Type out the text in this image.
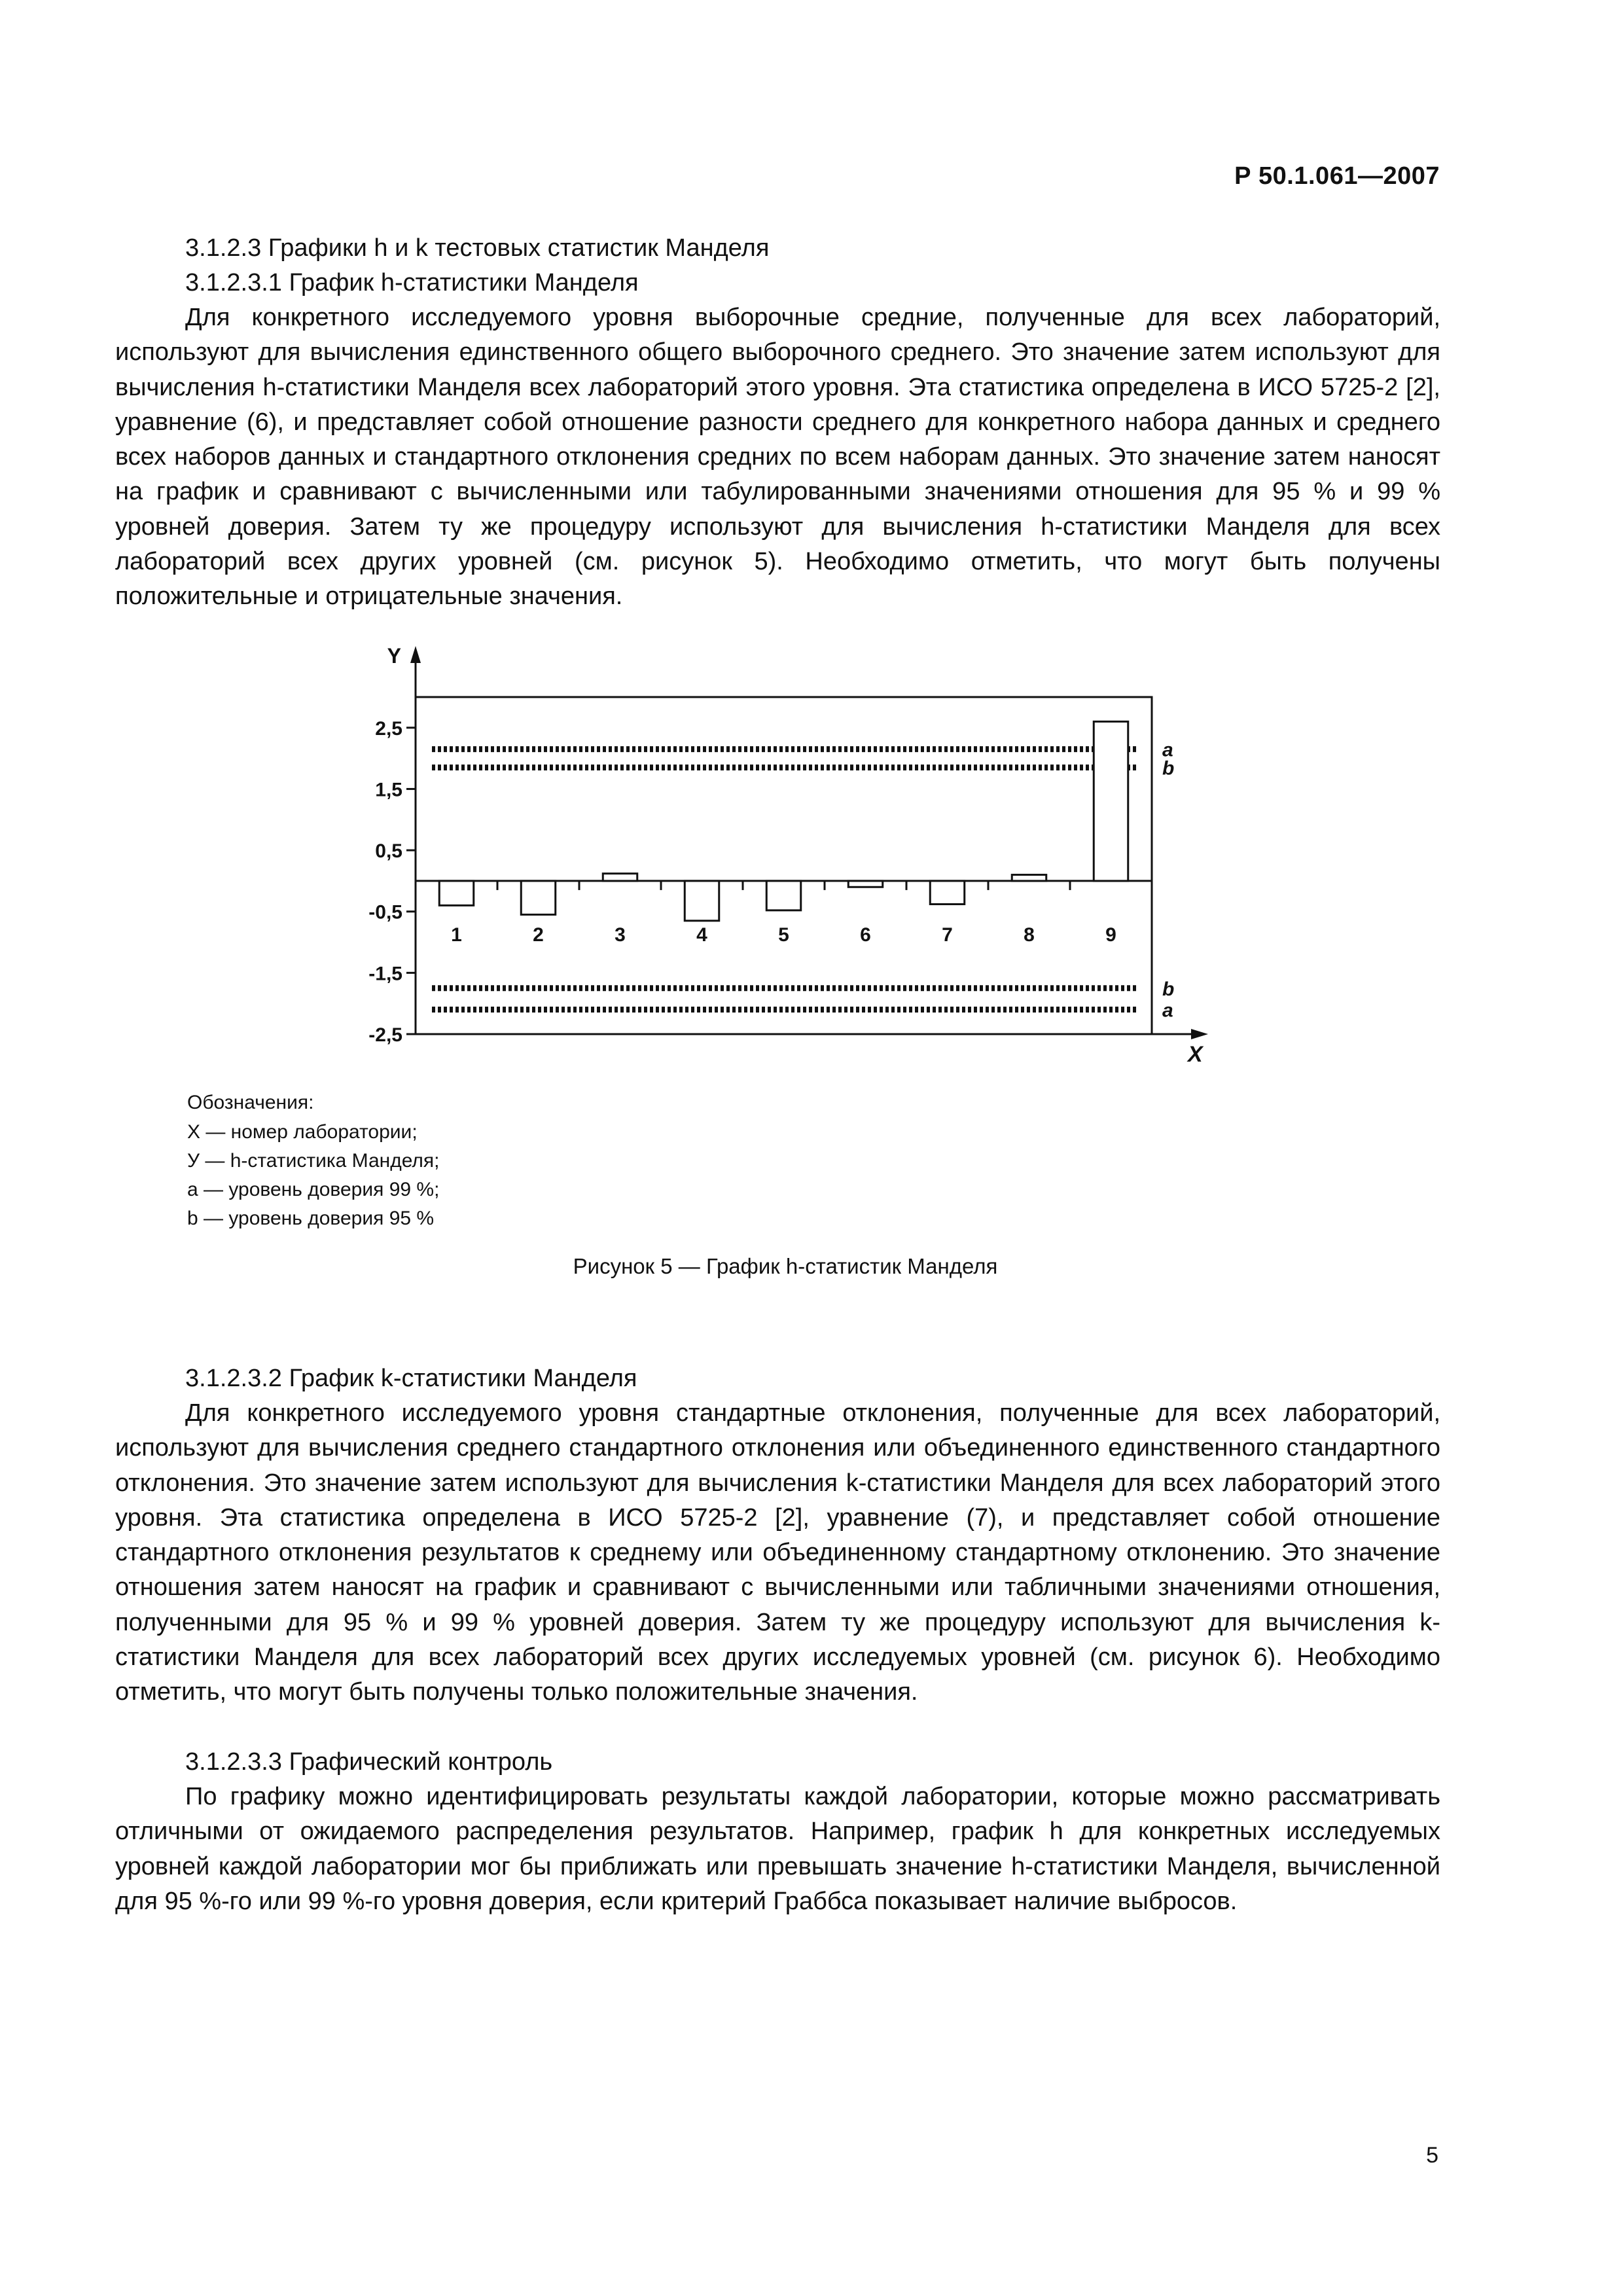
Р 50.1.061—2007
3.1.2.3 Графики h и k тестовых статистик Манделя
3.1.2.3.1 График h-статистики Манделя
Для конкретного исследуемого уровня выборочные средние, полученные для всех лабораторий, используют для вычисления единственного общего выборочного среднего. Это значение затем используют для вычисления h-статистики Манделя всех лабораторий этого уровня. Эта статистика определена в ИСО 5725-2 [2], уравнение (6), и представляет собой отношение разности среднего для конкретного набора данных и среднего всех наборов данных и стандартного отклонения средних по всем наборам данных. Это значение затем наносят на график и сравнивают с вычисленными или табулированными значениями отношения для 95 % и 99 % уровней доверия. Затем ту же процедуру используют для вычисления h-статистики Манделя для всех лабораторий всех других уровней (см. рисунок 5). Необходимо отметить, что могут быть получены положительные и отрицательные значения.
Y
X
2,5
1,5
0,5
-0,5
-1,5
-2,5
a
b
b
a
1	2	3	4	5	6	7	8	9
Обозначения:
X — номер лаборатории;
У — h-статистика Манделя;
a — уровень доверия 99 %;
b — уровень доверия 95 %
Рисунок 5 — График h-статистик Манделя
3.1.2.3.2 График k-статистики Манделя
Для конкретного исследуемого уровня стандартные отклонения, полученные для всех лабораторий, используют для вычисления среднего стандартного отклонения или объединенного единственного стандартного отклонения. Это значение затем используют для вычисления k-статистики Манделя для всех лабораторий этого уровня. Эта статистика определена в ИСО 5725-2 [2], уравнение (7), и представляет собой отношение стандартного отклонения результатов к среднему или объединенному стандартному отклонению. Это значение отношения затем наносят на график и сравнивают с вычисленными или табличными значениями отношения, полученными для 95 % и 99 % уровней доверия. Затем ту же процедуру используют для вычисления k-статистики Манделя для всех лабораторий всех других исследуемых уровней (см. рисунок 6). Необходимо отметить, что могут быть получены только положительные значения.
3.1.2.3.3 Графический контроль
По графику можно идентифицировать результаты каждой лаборатории, которые можно рассматривать отличными от ожидаемого распределения результатов. Например, график h для конкретных исследуемых уровней каждой лаборатории мог бы приближать или превышать значение h-статистики Манделя, вычисленной для 95 %-го или 99 %-го уровня доверия, если критерий Граббса показывает наличие выбросов.
5
